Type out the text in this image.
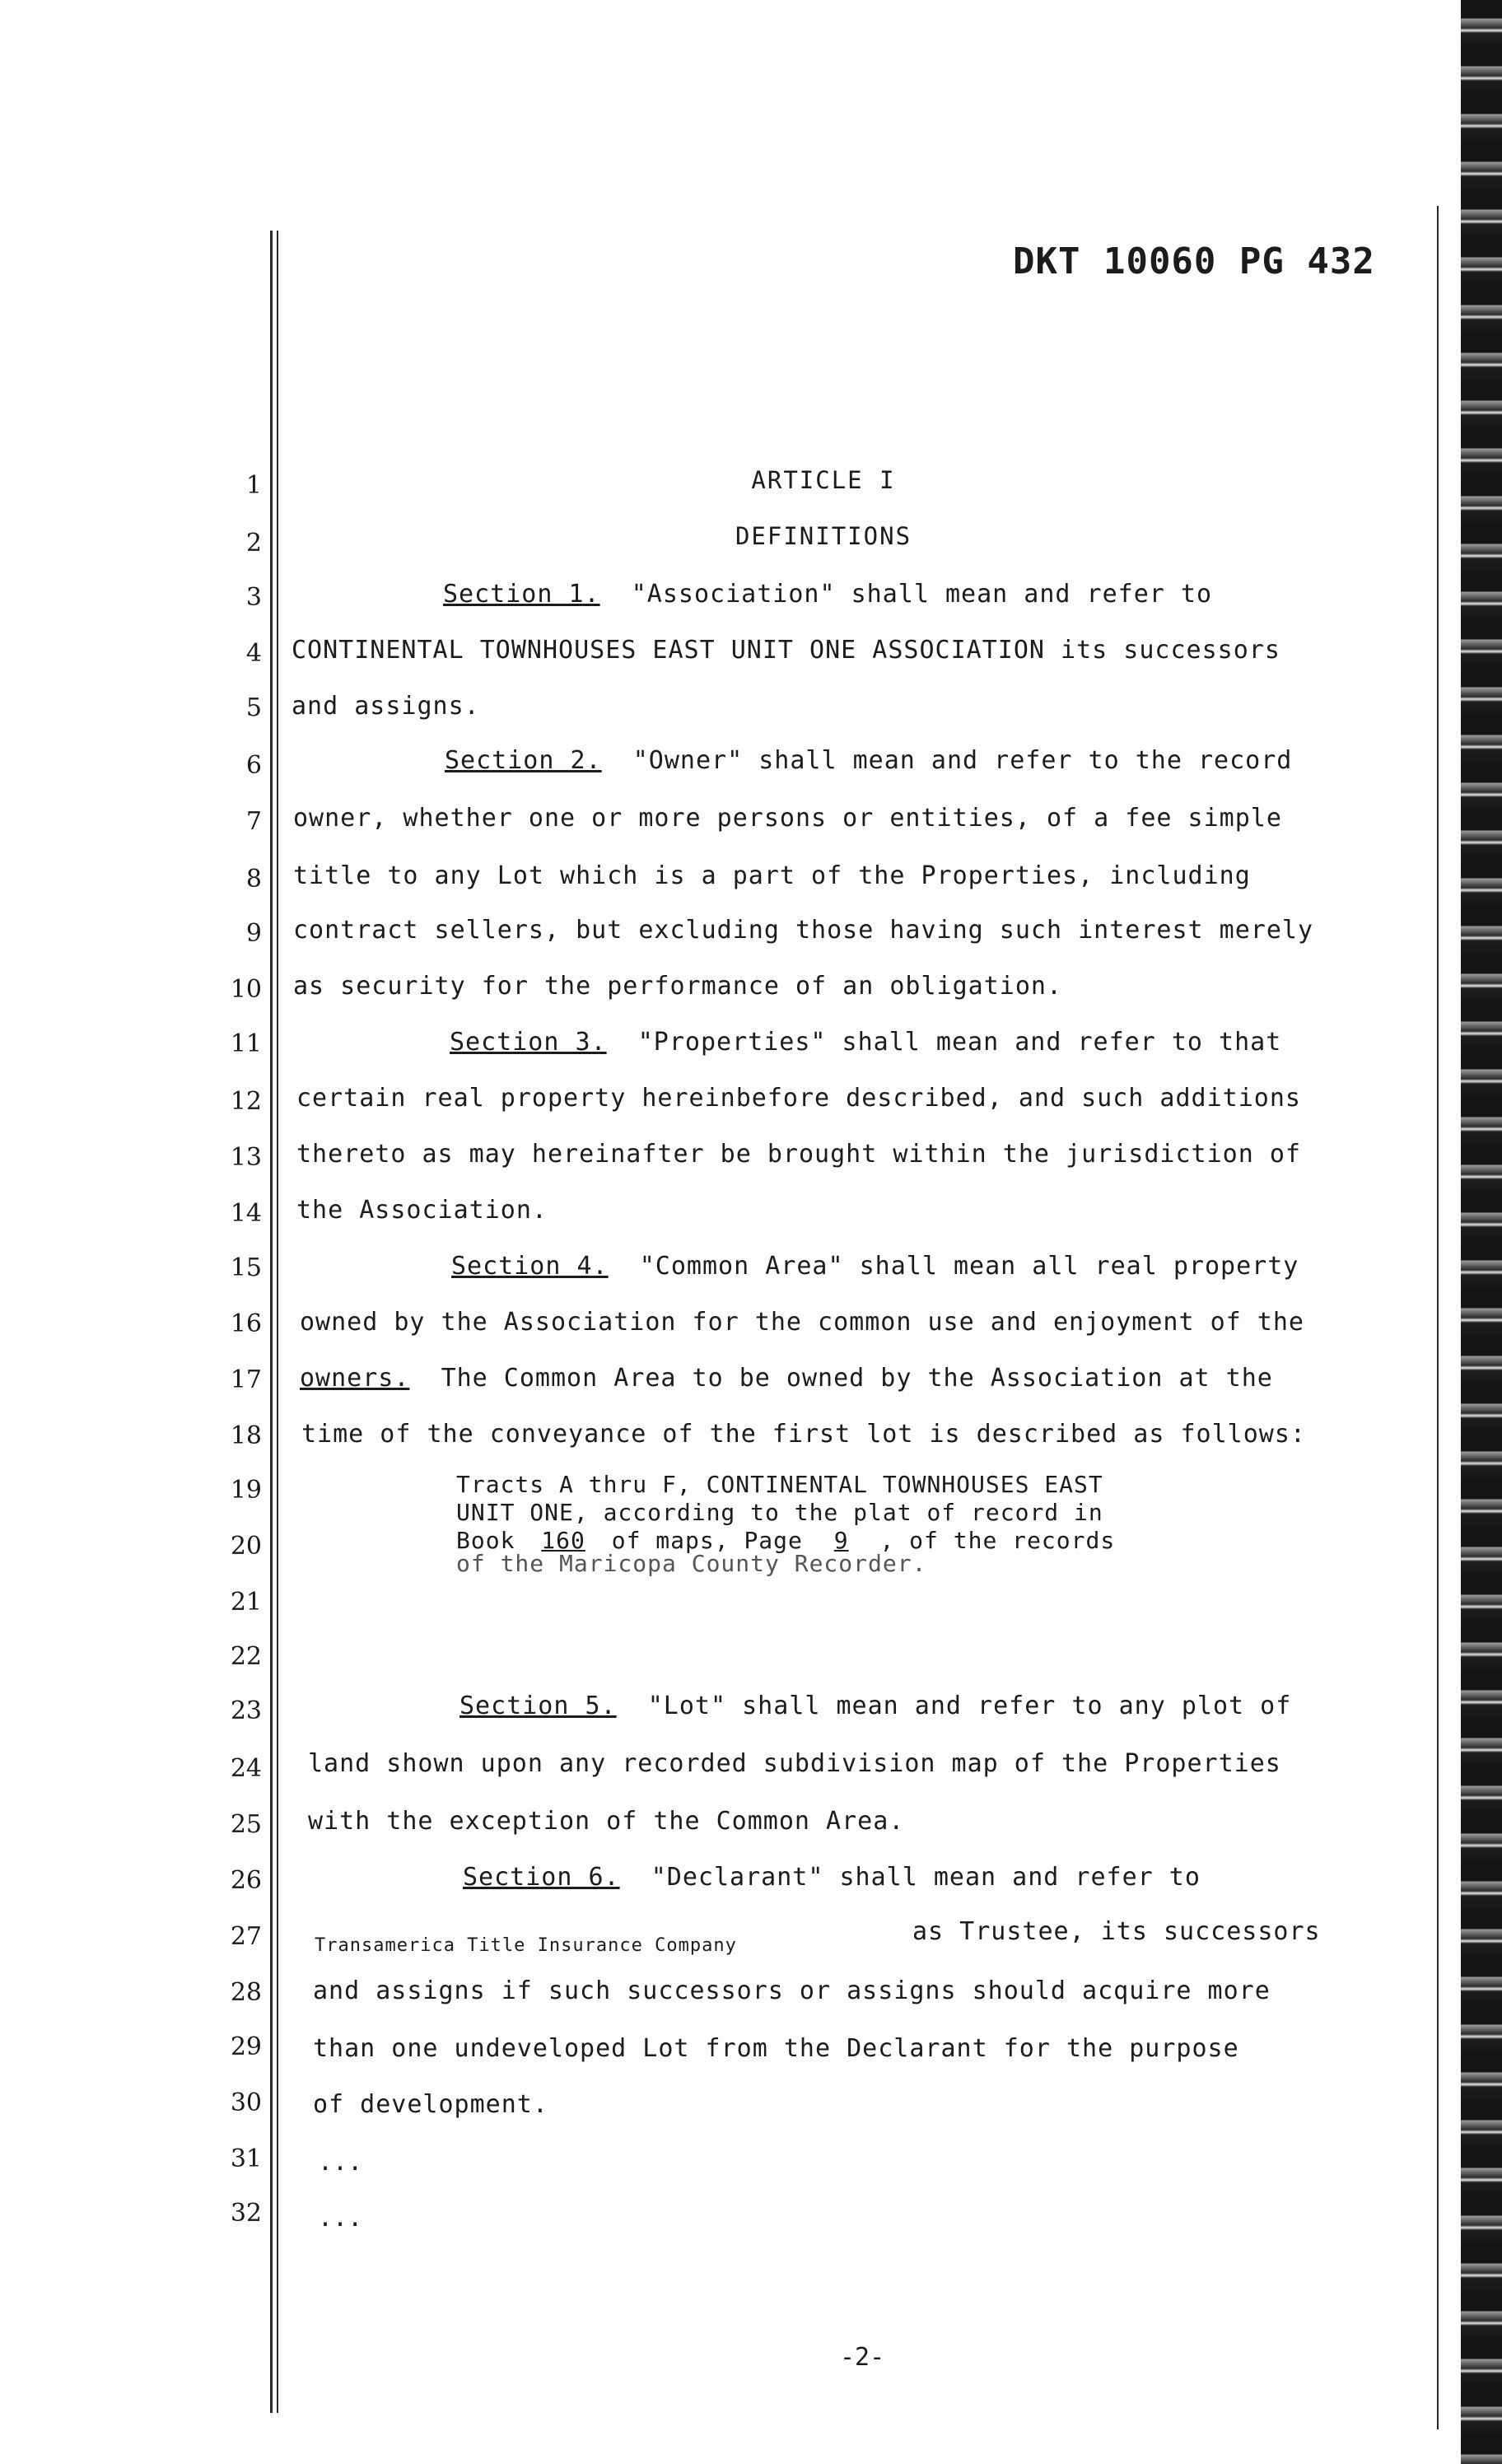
DKT 10060 PG 432
1
2
3
4
5
6
7
8
9
10
11
12
13
14
15
16
17
18
19
20
21
22
23
24
25
26
27
28
29
30
31
32
ARTICLE I
DEFINITIONS
Section 1. "Association" shall mean and refer to
CONTINENTAL TOWNHOUSES EAST UNIT ONE ASSOCIATION its successors
and assigns.
Section 2. "Owner" shall mean and refer to the record
owner, whether one or more persons or entities, of a fee simple
title to any Lot which is a part of the Properties, including
contract sellers, but excluding those having such interest merely
as security for the performance of an obligation.
Section 3. "Properties" shall mean and refer to that
certain real property hereinbefore described, and such additions
thereto as may hereinafter be brought within the jurisdiction of
the Association.
Section 4. "Common Area" shall mean all real property
owned by the Association for the common use and enjoyment of the
owners. The Common Area to be owned by the Association at the
time of the conveyance of the first lot is described as follows:
Tracts A thru F, CONTINENTAL TOWNHOUSES EAST
UNIT ONE, according to the plat of record in
Book 160 of maps, Page 9 , of the records
of the Maricopa County Recorder.
Section 5. "Lot" shall mean and refer to any plot of
land shown upon any recorded subdivision map of the Properties
with the exception of the Common Area.
Section 6. "Declarant" shall mean and refer to
Transamerica Title Insurance Company	as Trustee, its successors
and assigns if such successors or assigns should acquire more
than one undeveloped Lot from the Declarant for the purpose
of development.
...
...
-2-
